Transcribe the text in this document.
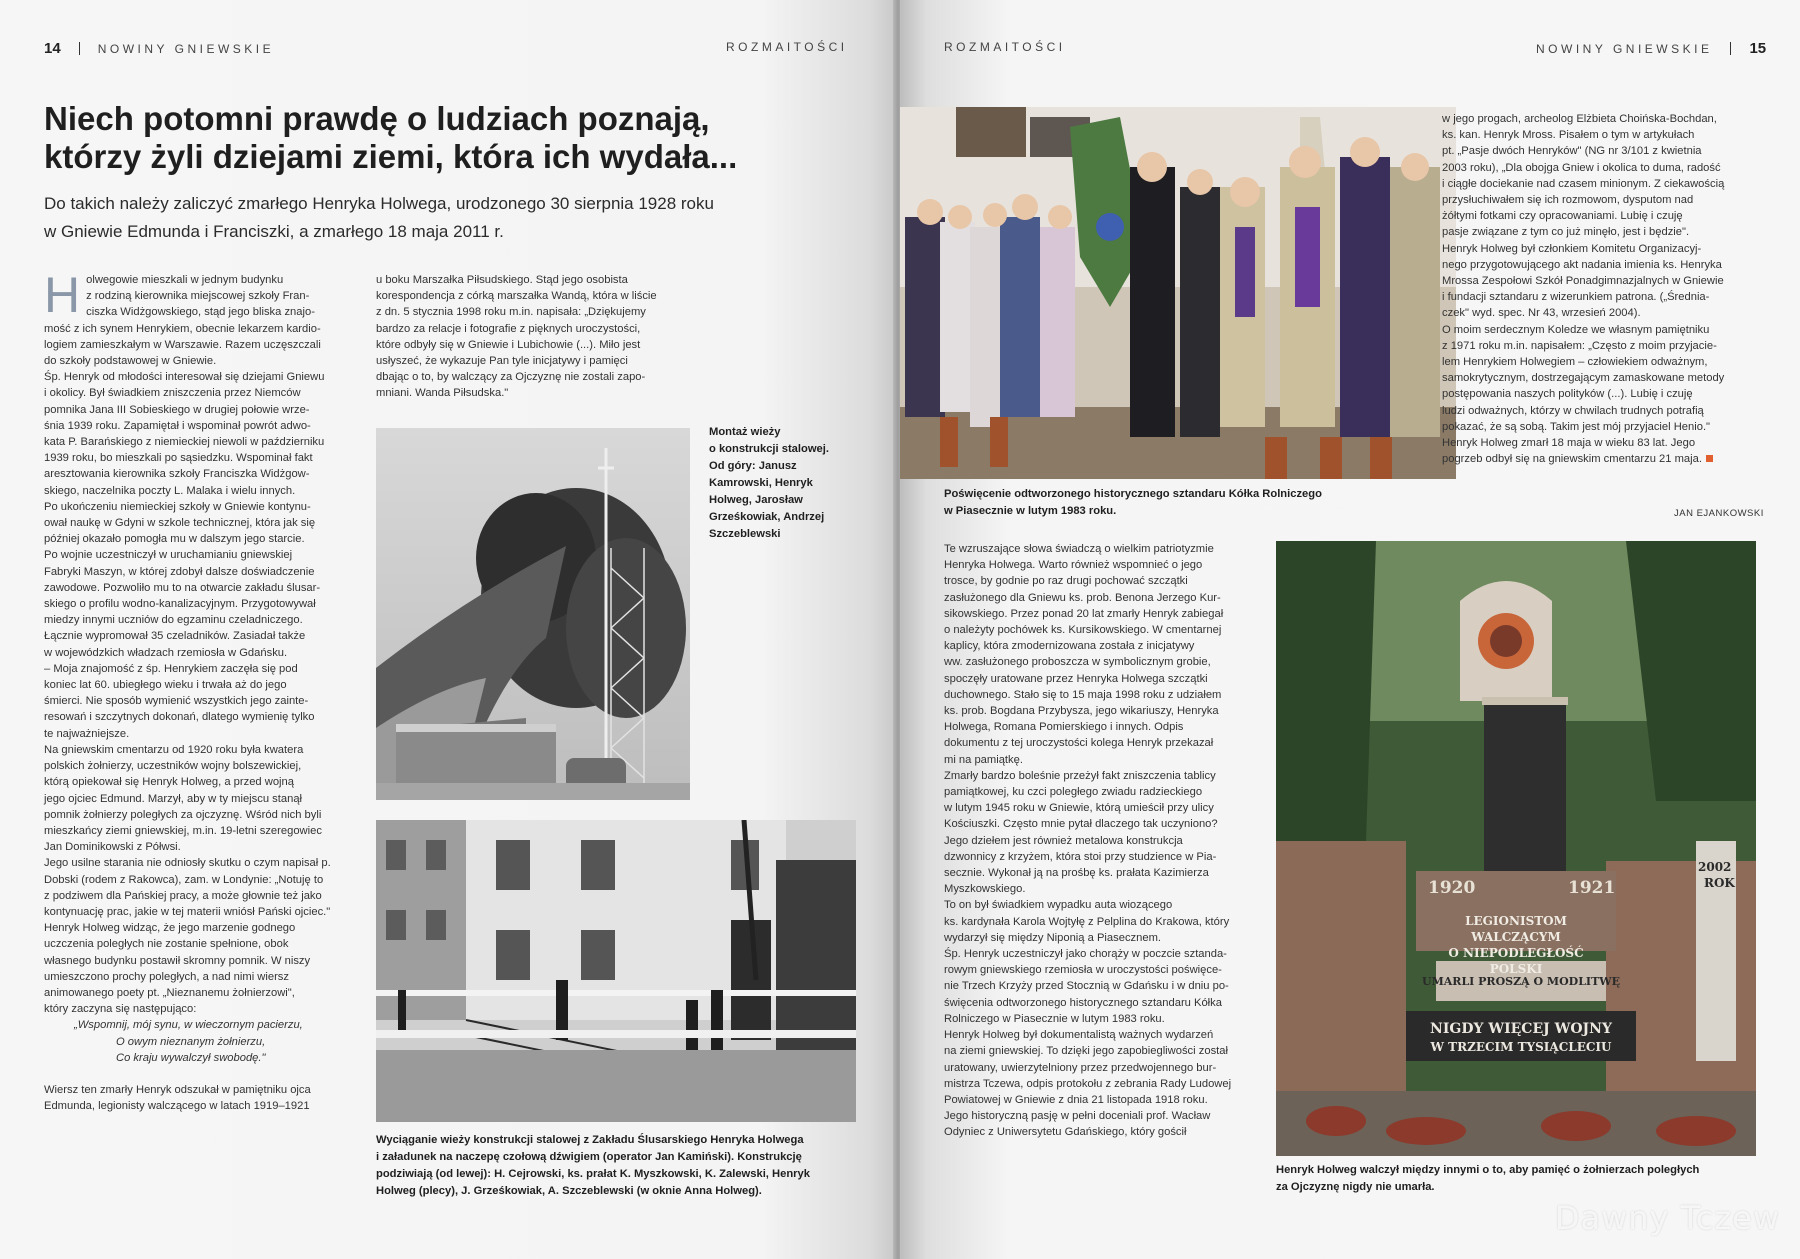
14	NOWINY GNIEWSKIE	ROZMAITOŚCI
Niech potomni prawdę o ludziach poznają,
którzy żyli dziejami ziemi, która ich wydała...
Do takich należy zaliczyć zmarłego Henryka Holwega, urodzonego 30 sierpnia 1928 roku
w Gniewie Edmunda i Franciszki, a zmarłego 18 maja 2011 r.
H olwegowie mieszkali w jednym budynku

z rodziną kierownika miejscowej szkoły Fran-

ciszka Widżgowskiego, stąd jego bliska znajo-

mość z ich synem Henrykiem, obecnie lekarzem kardio-

logiem zamieszkałym w Warszawie. Razem uczęszczali

do szkoły podstawowej w Gniewie.

Śp. Henryk od młodości interesował się dziejami Gniewu

i okolicy. Był świadkiem zniszczenia przez Niemców

pomnika Jana III Sobieskiego w drugiej połowie wrze-

śnia 1939 roku. Zapamiętał i wspominał powrót adwo-

kata P. Barańskiego z niemieckiej niewoli w październiku

1939 roku, bo mieszkali po sąsiedzku. Wspominał fakt

aresztowania kierownika szkoły Franciszka Widżgow-

skiego, naczelnika poczty L. Malaka i wielu innych.

Po ukończeniu niemieckiej szkoły w Gniewie kontynu-

ował naukę w Gdyni w szkole technicznej, która jak się

później okazało pomogła mu w dalszym jego starcie.

Po wojnie uczestniczył w uruchamianiu gniewskiej

Fabryki Maszyn, w której zdobył dalsze doświadczenie

zawodowe. Pozwoliło mu to na otwarcie zakładu ślusar-

skiego o profilu wodno-kanalizacyjnym. Przygotowywał

miedzy innymi uczniów do egzaminu czeladniczego.

Łącznie wypromował 35 czeladników. Zasiadał także

w wojewódzkich władzach rzemiosła w Gdańsku.

– Moja znajomość z śp. Henrykiem zaczęła się pod

koniec lat 60. ubiegłego wieku i trwała aż do jego

śmierci. Nie sposób wymienić wszystkich jego zainte-

resowań i szczytnych dokonań, dlatego wymienię tylko

te najważniejsze.

Na gniewskim cmentarzu od 1920 roku była kwatera

polskich żołnierzy, uczestników wojny bolszewickiej,

którą opiekował się Henryk Holweg, a przed wojną

jego ojciec Edmund. Marzył, aby w ty miejscu stanął

pomnik żołnierzy poległych za ojczyznę. Wśród nich byli

mieszkańcy ziemi gniewskiej, m.in. 19-letni szeregowiec

Jan Dominikowski z Półwsi.

Jego usilne starania nie odniosły skutku o czym napisał p.

Dobski (rodem z Rakowca), zam. w Londynie: „Notuję to

z podziwem dla Pańskiej pracy, a może głownie też jako

kontynuację prac, jakie w tej materii wniósł Pański ojciec."

Henryk Holweg widząc, że jego marzenie godnego

uczczenia poległych nie zostanie spełnione, obok

własnego budynku postawił skromny pomnik. W niszy

umieszczono prochy poległych, a nad nimi wiersz

animowanego poety pt. „Nieznanemu żołnierzowi",

który zaczyna się następująco:

„Wspomnij, mój synu, w wieczornym pacierzu,

O owym nieznanym żołnierzu,

Co kraju wywalczył swobodę."

Wiersz ten zmarły Henryk odszukał w pamiętniku ojca

Edmunda, legionisty walczącego w latach 1919–1921

u boku Marszałka Piłsudskiego. Stąd jego osobista

korespondencja z córką marszałka Wandą, która w liście

z dn. 5 stycznia 1998 roku m.in. napisała: „Dziękujemy

bardzo za relacje i fotografie z pięknych uroczystości,

które odbyły się w Gniewie i Lubichowie (...). Miło jest

usłyszeć, że wykazuje Pan tyle inicjatywy i pamięci

dbając o to, by walczący za Ojczyznę nie zostali zapo-

mniani. Wanda Piłsudska."

Montaż wieży

o konstrukcji stalowej.

Od góry: Janusz

Kamrowski, Henryk

Holweg, Jarosław

Grześkowiak, Andrzej

Szczeblewski

Wyciąganie wieży konstrukcji stalowej z Zakładu Ślusarskiego Henryka Holwega

i załadunek na naczepę czołową dźwigiem (operator Jan Kamiński). Konstrukcję

podziwiają (od lewej): H. Cejrowski, ks. prałat K. Myszkowski, K. Zalewski, Henryk

Holweg (plecy), J. Grześkowiak, A. Szczeblewski (w oknie Anna Holweg).

ROZMAITOŚCI	NOWINY GNIEWSKIE 15

Poświęcenie odtworzonego historycznego sztandaru Kółka Rolniczego

w Piasecznie w lutym 1983 roku.

w jego progach, archeolog Elżbieta Choińska-Bochdan,

ks. kan. Henryk Mross. Pisałem o tym w artykułach

pt. „Pasje dwóch Henryków" (NG nr 3/101 z kwietnia

2003 roku), „Dla obojga Gniew i okolica to duma, radość

i ciągłe dociekanie nad czasem minionym. Z ciekawością

przysłuchiwałem się ich rozmowom, dysputom nad

żółtymi fotkami czy opracowaniami. Lubię i czuję

pasje związane z tym co już minęło, jest i będzie".

Henryk Holweg był członkiem Komitetu Organizacyj-

nego przygotowującego akt nadania imienia ks. Henryka

Mrossa Zespołowi Szkół Ponadgimnazjalnych w Gniewie

i fundacji sztandaru z wizerunkiem patrona. („Średnia-

czek" wyd. spec. Nr 43, wrzesień 2004).

O moim serdecznym Koledze we własnym pamiętniku

z 1971 roku m.in. napisałem: „Często z moim przyjacie-

lem Henrykiem Holwegiem – człowiekiem odważnym,

samokrytycznym, dostrzegającym zamaskowane metody

postępowania naszych polityków (...). Lubię i czuję

ludzi odważnych, którzy w chwilach trudnych potrafią

pokazać, że są sobą. Takim jest mój przyjaciel Henio."

Henryk Holweg zmarł 18 maja w wieku 83 lat. Jego

pogrzeb odbył się na gniewskim cmentarzu 21 maja.

JAN EJANKOWSKI

Te wzruszające słowa świadczą o wielkim patriotyzmie

Henryka Holwega. Warto również wspomnieć o jego

trosce, by godnie po raz drugi pochować szczątki

zasłużonego dla Gniewu ks. prob. Benona Jerzego Kur-

sikowskiego. Przez ponad 20 lat zmarły Henryk zabiegał

o należyty pochówek ks. Kursikowskiego. W cmentarnej

kaplicy, która zmodernizowana została z inicjatywy

ww. zasłużonego proboszcza w symbolicznym grobie,

spoczęły uratowane przez Henryka Holwega szczątki

duchownego. Stało się to 15 maja 1998 roku z udziałem

ks. prob. Bogdana Przybysza, jego wikariuszy, Henryka

Holwega, Romana Pomierskiego i innych. Odpis

dokumentu z tej uroczystości kolega Henryk przekazał

mi na pamiątkę.

Zmarły bardzo boleśnie przeżył fakt zniszczenia tablicy

pamiątkowej, ku czci poległego zwiadu radzieckiego

w lutym 1945 roku w Gniewie, którą umieścił przy ulicy

Kościuszki. Często mnie pytał dlaczego tak uczyniono?

Jego dziełem jest również metalowa konstrukcja

dzwonnicy z krzyżem, która stoi przy studzience w Pia-

secznie. Wykonał ją na prośbę ks. prałata Kazimierza

Myszkowskiego.

To on był świadkiem wypadku auta wiozącego

ks. kardynała Karola Wojtyłę z Pelplina do Krakowa, który

wydarzył się między Niponią a Piasecznem.

Śp. Henryk uczestniczył jako chorąży w poczcie sztanda-

rowym gniewskiego rzemiosła w uroczystości poświęce-

nie Trzech Krzyży przed Stocznią w Gdańsku i w dniu po-

święcenia odtworzonego historycznego sztandaru Kółka

Rolniczego w Piasecznie w lutym 1983 roku.

Henryk Holweg był dokumentalistą ważnych wydarzeń

na ziemi gniewskiej. To dzięki jego zapobiegliwości został

uratowany, uwierzytelniony przez przedwojennego bur-

mistrza Tczewa, odpis protokołu z zebrania Rady Ludowej

Powiatowej w Gniewie z dnia 21 listopada 1918 roku.

Jego historyczną pasję w pełni doceniali prof. Wacław

Odyniec z Uniwersytetu Gdańskiego, który gościł

1920	1921
LEGIONISTOM
WALCZĄCYM
O NIEPODLEGŁOŚĆ
POLSKI
UMARLI PROSZĄ O MODLITWĘ
NIGDY WIĘCEJ WOJNY
W TRZECIM TYSIĄCLECIU
2002
ROK

Henryk Holweg walczył między innymi o to, aby pamięć o żołnierzach poległych

za Ojczyznę nigdy nie umarła.

Dawny Tczew
